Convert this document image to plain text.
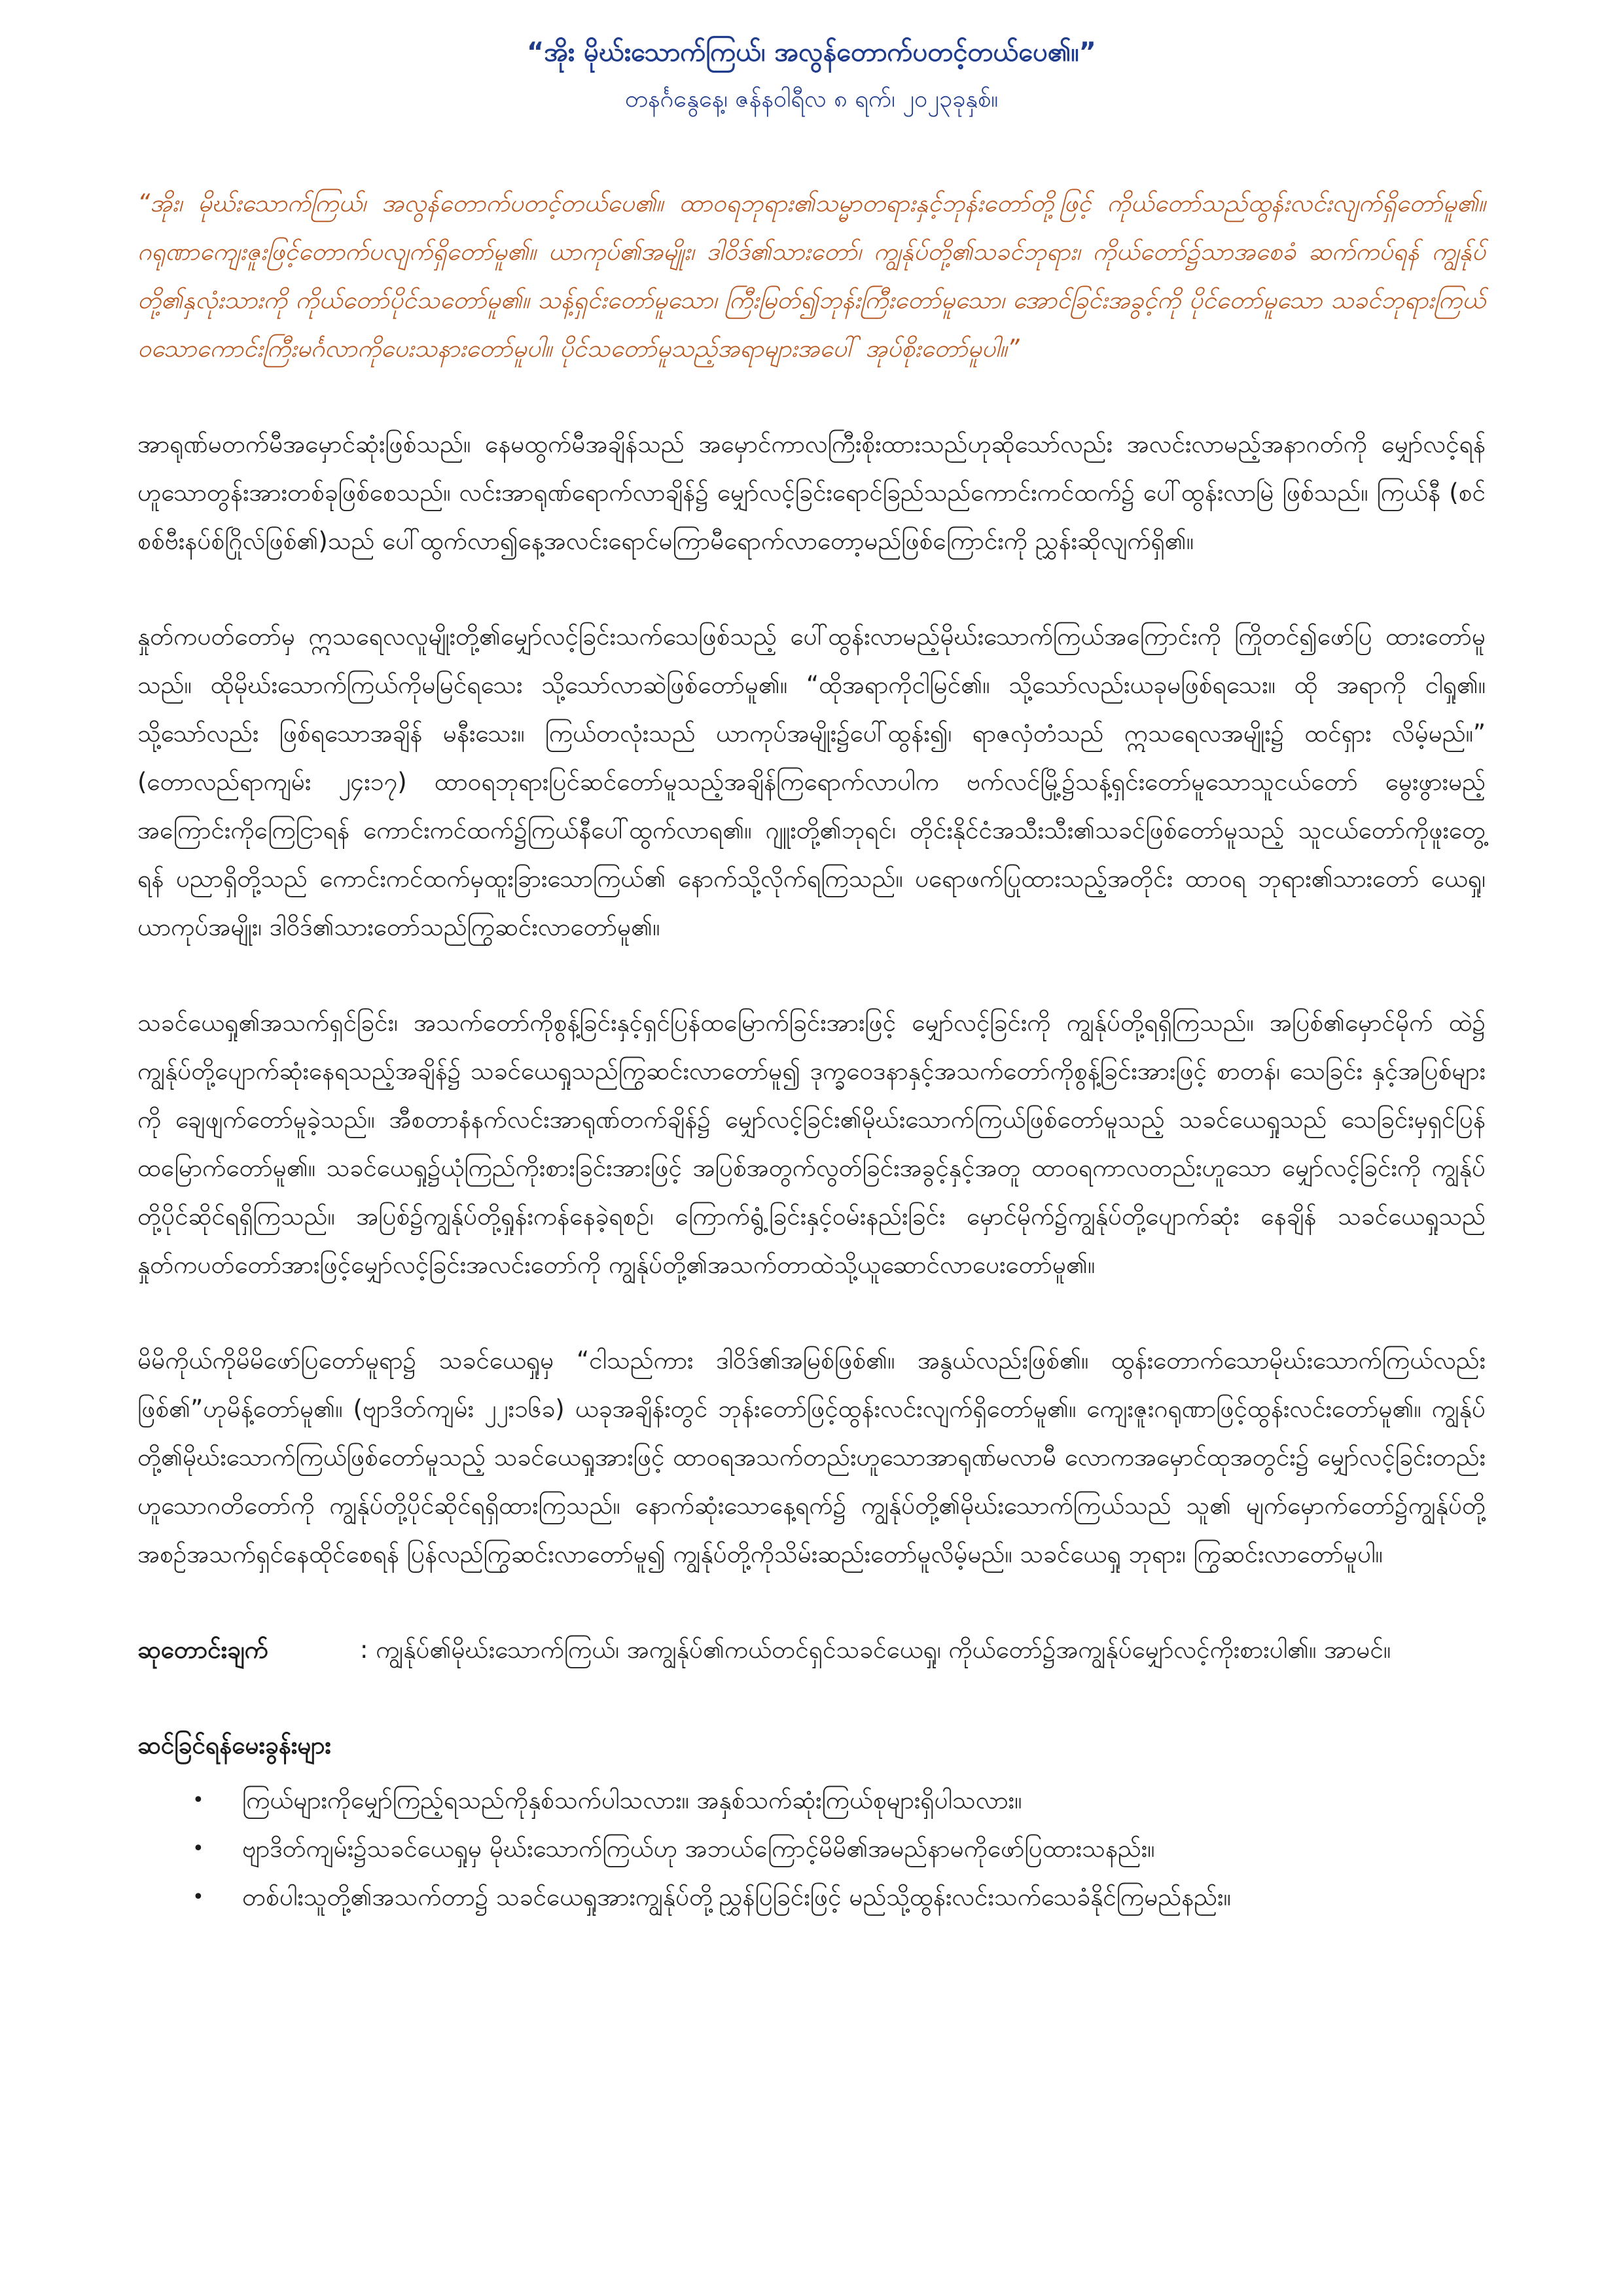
“အိုး မိုဃ်းသောက်ကြယ်၊ အလွန်တောက်ပတင့်တယ်ပေ၏။”
တနင်္ဂနွေနေ့၊ ဇန်နဝါရီလ ၈ ရက်၊ ၂၀၂၃ခုနှစ်။
“အိုး၊ မိုဃ်းသောက်ကြယ်၊ အလွန်တောက်ပတင့်တယ်ပေ၏။ ထာဝရဘုရား၏သမ္မာတရားနှင့်ဘုန်းတော်တို့ဖြင့် ကိုယ်တော်သည်ထွန်းလင်းလျက်ရှိတော်မူ၏။ ဂရုဏာကျေးဇူးဖြင့်တောက်ပလျက်ရှိတော်မူ၏။ ယာကုပ်၏အမျိုး၊ ဒါဝိဒ်၏သားတော်၊ ကျွန်ုပ်တို့၏သခင်ဘုရား၊ ကိုယ်တော်၌သာအစေခံ ဆက်ကပ်ရန် ကျွန်ုပ်တို့၏နှလုံးသားကို ကိုယ်တော်ပိုင်သတော်မူ၏။ သန့်ရှင်းတော်မူသော၊ ကြီးမြတ်၍ဘုန်းကြီးတော်မူသော၊ အောင်ခြင်းအခွင့်ကို ပိုင်တော်မူသော သခင်ဘုရားကြယ်ဝသောကောင်းကြီးမင်္ဂလာကိုပေးသနားတော်မူပါ။ ပိုင်သတော်မူသည့်အရာများအပေါ် အုပ်စိုးတော်မူပါ။”
အာရုဏ်မတက်မီအမှောင်ဆုံးဖြစ်သည်။ နေမထွက်မီအချိန်သည် အမှောင်ကာလကြီးစိုးထားသည်ဟုဆိုသော်လည်း အလင်းလာမည့်အနာဂတ်ကို မျှော်လင့်ရန်ဟူသောတွန်းအားတစ်ခုဖြစ်စေသည်။ လင်းအာရုဏ်ရောက်လာချိန်၌ မျှော်လင့်ခြင်းရောင်ခြည်သည်ကောင်းကင်ထက်၌ ပေါ်ထွန်းလာမြဲ ဖြစ်သည်။ ကြယ်နီ (စင်စစ်ဗီးနပ်စ်ဂြိုလ်ဖြစ်၏)သည် ပေါ်ထွက်လာ၍နေ့အလင်းရောင်မကြာမီရောက်လာတော့မည်ဖြစ်ကြောင်းကို ညွှန်းဆိုလျက်ရှိ၏။
နှုတ်ကပတ်တော်မှ ဣသရေလလူမျိုးတို့၏မျှော်လင့်ခြင်းသက်သေဖြစ်သည့် ပေါ်ထွန်းလာမည့်မိုဃ်းသောက်ကြယ်အကြောင်းကို ကြိုတင်၍ဖော်ပြ ထားတော်မူသည်။ ထိုမိုဃ်းသောက်ကြယ်ကိုမမြင်ရသေး သို့သော်လာဆဲဖြစ်တော်မူ၏။ “ထိုအရာကိုငါမြင်၏။ သို့သော်လည်းယခုမဖြစ်ရသေး။ ထို အရာကို ငါရှု၏။ သို့သော်လည်း ဖြစ်ရသောအချိန် မနီးသေး။ ကြယ်တလုံးသည် ယာကုပ်အမျိုး၌ပေါ်ထွန်း၍၊ ရာဇလှံတံသည် ဣသရေလအမျိုး၌ ထင်ရှား လိမ့်မည်။” (တောလည်ရာကျမ်း ၂၄း၁၇) ထာဝရဘုရားပြင်ဆင်တော်မူသည့်အချိန်ကြရောက်လာပါက ဗက်လင်မြို့၌သန့်ရှင်းတော်မူသောသူငယ်တော် မွေးဖွားမည့်အကြောင်းကိုကြေငြာရန် ကောင်းကင်ထက်၌ကြယ်နီပေါ်ထွက်လာရ၏။ ဂျူးတို့၏ဘုရင်၊ တိုင်းနိုင်ငံအသီးသီး၏သခင်ဖြစ်တော်မူသည့် သူငယ်တော်ကိုဖူးတွေ့ရန် ပညာရှိတို့သည် ကောင်းကင်ထက်မှထူးခြားသောကြယ်၏ နောက်သို့လိုက်ရကြသည်။ ပရောဖက်ပြုထားသည့်အတိုင်း ထာဝရ ဘုရား၏သားတော် ယေရှု၊ ယာကုပ်အမျိုး၊ ဒါဝိဒ်၏သားတော်သည်ကြွဆင်းလာတော်မူ၏။
သခင်ယေရှု၏အသက်ရှင်ခြင်း၊ အသက်တော်ကိုစွန့်ခြင်းနှင့်ရှင်ပြန်ထမြောက်ခြင်းအားဖြင့် မျှော်လင့်ခြင်းကို ကျွန်ုပ်တို့ရရှိကြသည်။ အပြစ်၏မှောင်မိုက် ထဲ၌ ကျွန်ုပ်တို့ပျောက်ဆုံးနေရသည့်အချိန်၌ သခင်ယေရှုသည်ကြွဆင်းလာတော်မူ၍ ဒုက္ခဝေဒနာနှင့်အသက်တော်ကိုစွန့်ခြင်းအားဖြင့် စာတန်၊ သေခြင်း နှင့်အပြစ်များကို ချေဖျက်တော်မူခဲ့သည်။ အီစတာနံနက်လင်းအာရုဏ်တက်ချိန်၌ မျှော်လင့်ခြင်း၏မိုဃ်းသောက်ကြယ်ဖြစ်တော်မူသည့် သခင်ယေရှုသည် သေခြင်းမှရှင်ပြန်ထမြောက်တော်မူ၏။ သခင်ယေရှု၌ယုံကြည်ကိုးစားခြင်းအားဖြင့် အပြစ်အတွက်လွတ်ခြင်းအခွင့်နှင့်အတူ ထာဝရကာလတည်းဟူသော မျှော်လင့်ခြင်းကို ကျွန်ုပ်တို့ပိုင်ဆိုင်ရရှိကြသည်။ အပြစ်၌ကျွန်ုပ်တို့ရှုန်းကန်နေခဲ့ရစဉ်၊ ကြောက်ရွံ့ခြင်းနှင့်ဝမ်းနည်းခြင်း မှောင်မိုက်၌ကျွန်ုပ်တို့ပျောက်ဆုံး နေချိန် သခင်ယေရှုသည် နှုတ်ကပတ်တော်အားဖြင့်မျှော်လင့်ခြင်းအလင်းတော်ကို ကျွန်ုပ်တို့၏အသက်တာထဲသို့ယူဆောင်လာပေးတော်မူ၏။
မိမိကိုယ်ကိုမိမိဖော်ပြတော်မူရာ၌ သခင်ယေရှုမှ “ငါသည်ကား ဒါဝိဒ်၏အမြစ်ဖြစ်၏။ အနွယ်လည်းဖြစ်၏။ ထွန်းတောက်သောမိုဃ်းသောက်ကြယ်လည်း ဖြစ်၏”ဟုမိန့်တော်မူ၏။ (ဗျာဒိတ်ကျမ်း ၂၂း၁၆ခ) ယခုအချိန်းတွင် ဘုန်းတော်ဖြင့်ထွန်းလင်းလျက်ရှိတော်မူ၏။ ကျေးဇူးဂရုဏာဖြင့်ထွန်းလင်းတော်မူ၏။ ကျွန်ုပ်တို့၏မိုဃ်းသောက်ကြယ်ဖြစ်တော်မူသည့် သခင်ယေရှုအားဖြင့် ထာဝရအသက်တည်းဟူသောအာရုဏ်မလာမီ လောကအမှောင်ထုအတွင်း၌ မျှော်လင့်ခြင်းတည်းဟူသောဂတိတော်ကို ကျွန်ုပ်တို့ပိုင်ဆိုင်ရရှိထားကြသည်။ နောက်ဆုံးသောနေ့ရက်၌ ကျွန်ုပ်တို့၏မိုဃ်းသောက်ကြယ်သည် သူ၏ မျက်မှောက်တော်၌ကျွန်ုပ်တို့အစဉ်အသက်ရှင်နေထိုင်စေရန် ပြန်လည်ကြွဆင်းလာတော်မူ၍ ကျွန်ုပ်တို့ကိုသိမ်းဆည်းတော်မူလိမ့်မည်။ သခင်ယေရှု ဘုရား၊ ကြွဆင်းလာတော်မူပါ။
ဆုတောင်းချက်	: ကျွန်ုပ်၏မိုဃ်းသောက်ကြယ်၊ အကျွန်ုပ်၏ကယ်တင်ရှင်သခင်ယေရှု၊ ကိုယ်တော်၌အကျွန်ုပ်မျှော်လင့်ကိုးစားပါ၏။ အာမင်။
ဆင်ခြင်ရန်မေးခွန်းများ
• ကြယ်များကိုမျှော်ကြည့်ရသည်ကိုနှစ်သက်ပါသလား။ အနှစ်သက်ဆုံးကြယ်စုများရှိပါသလား။
• ဗျာဒိတ်ကျမ်း၌သခင်ယေရှုမှ မိုဃ်းသောက်ကြယ်ဟု အဘယ်ကြောင့်မိမိ၏အမည်နာမကိုဖော်ပြထားသနည်း။
• တစ်ပါးသူတို့၏အသက်တာ၌ သခင်ယေရှုအားကျွန်ုပ်တို့ညွှန်ပြခြင်းဖြင့် မည်သို့ထွန်းလင်းသက်သေခံနိုင်ကြမည်နည်း။
